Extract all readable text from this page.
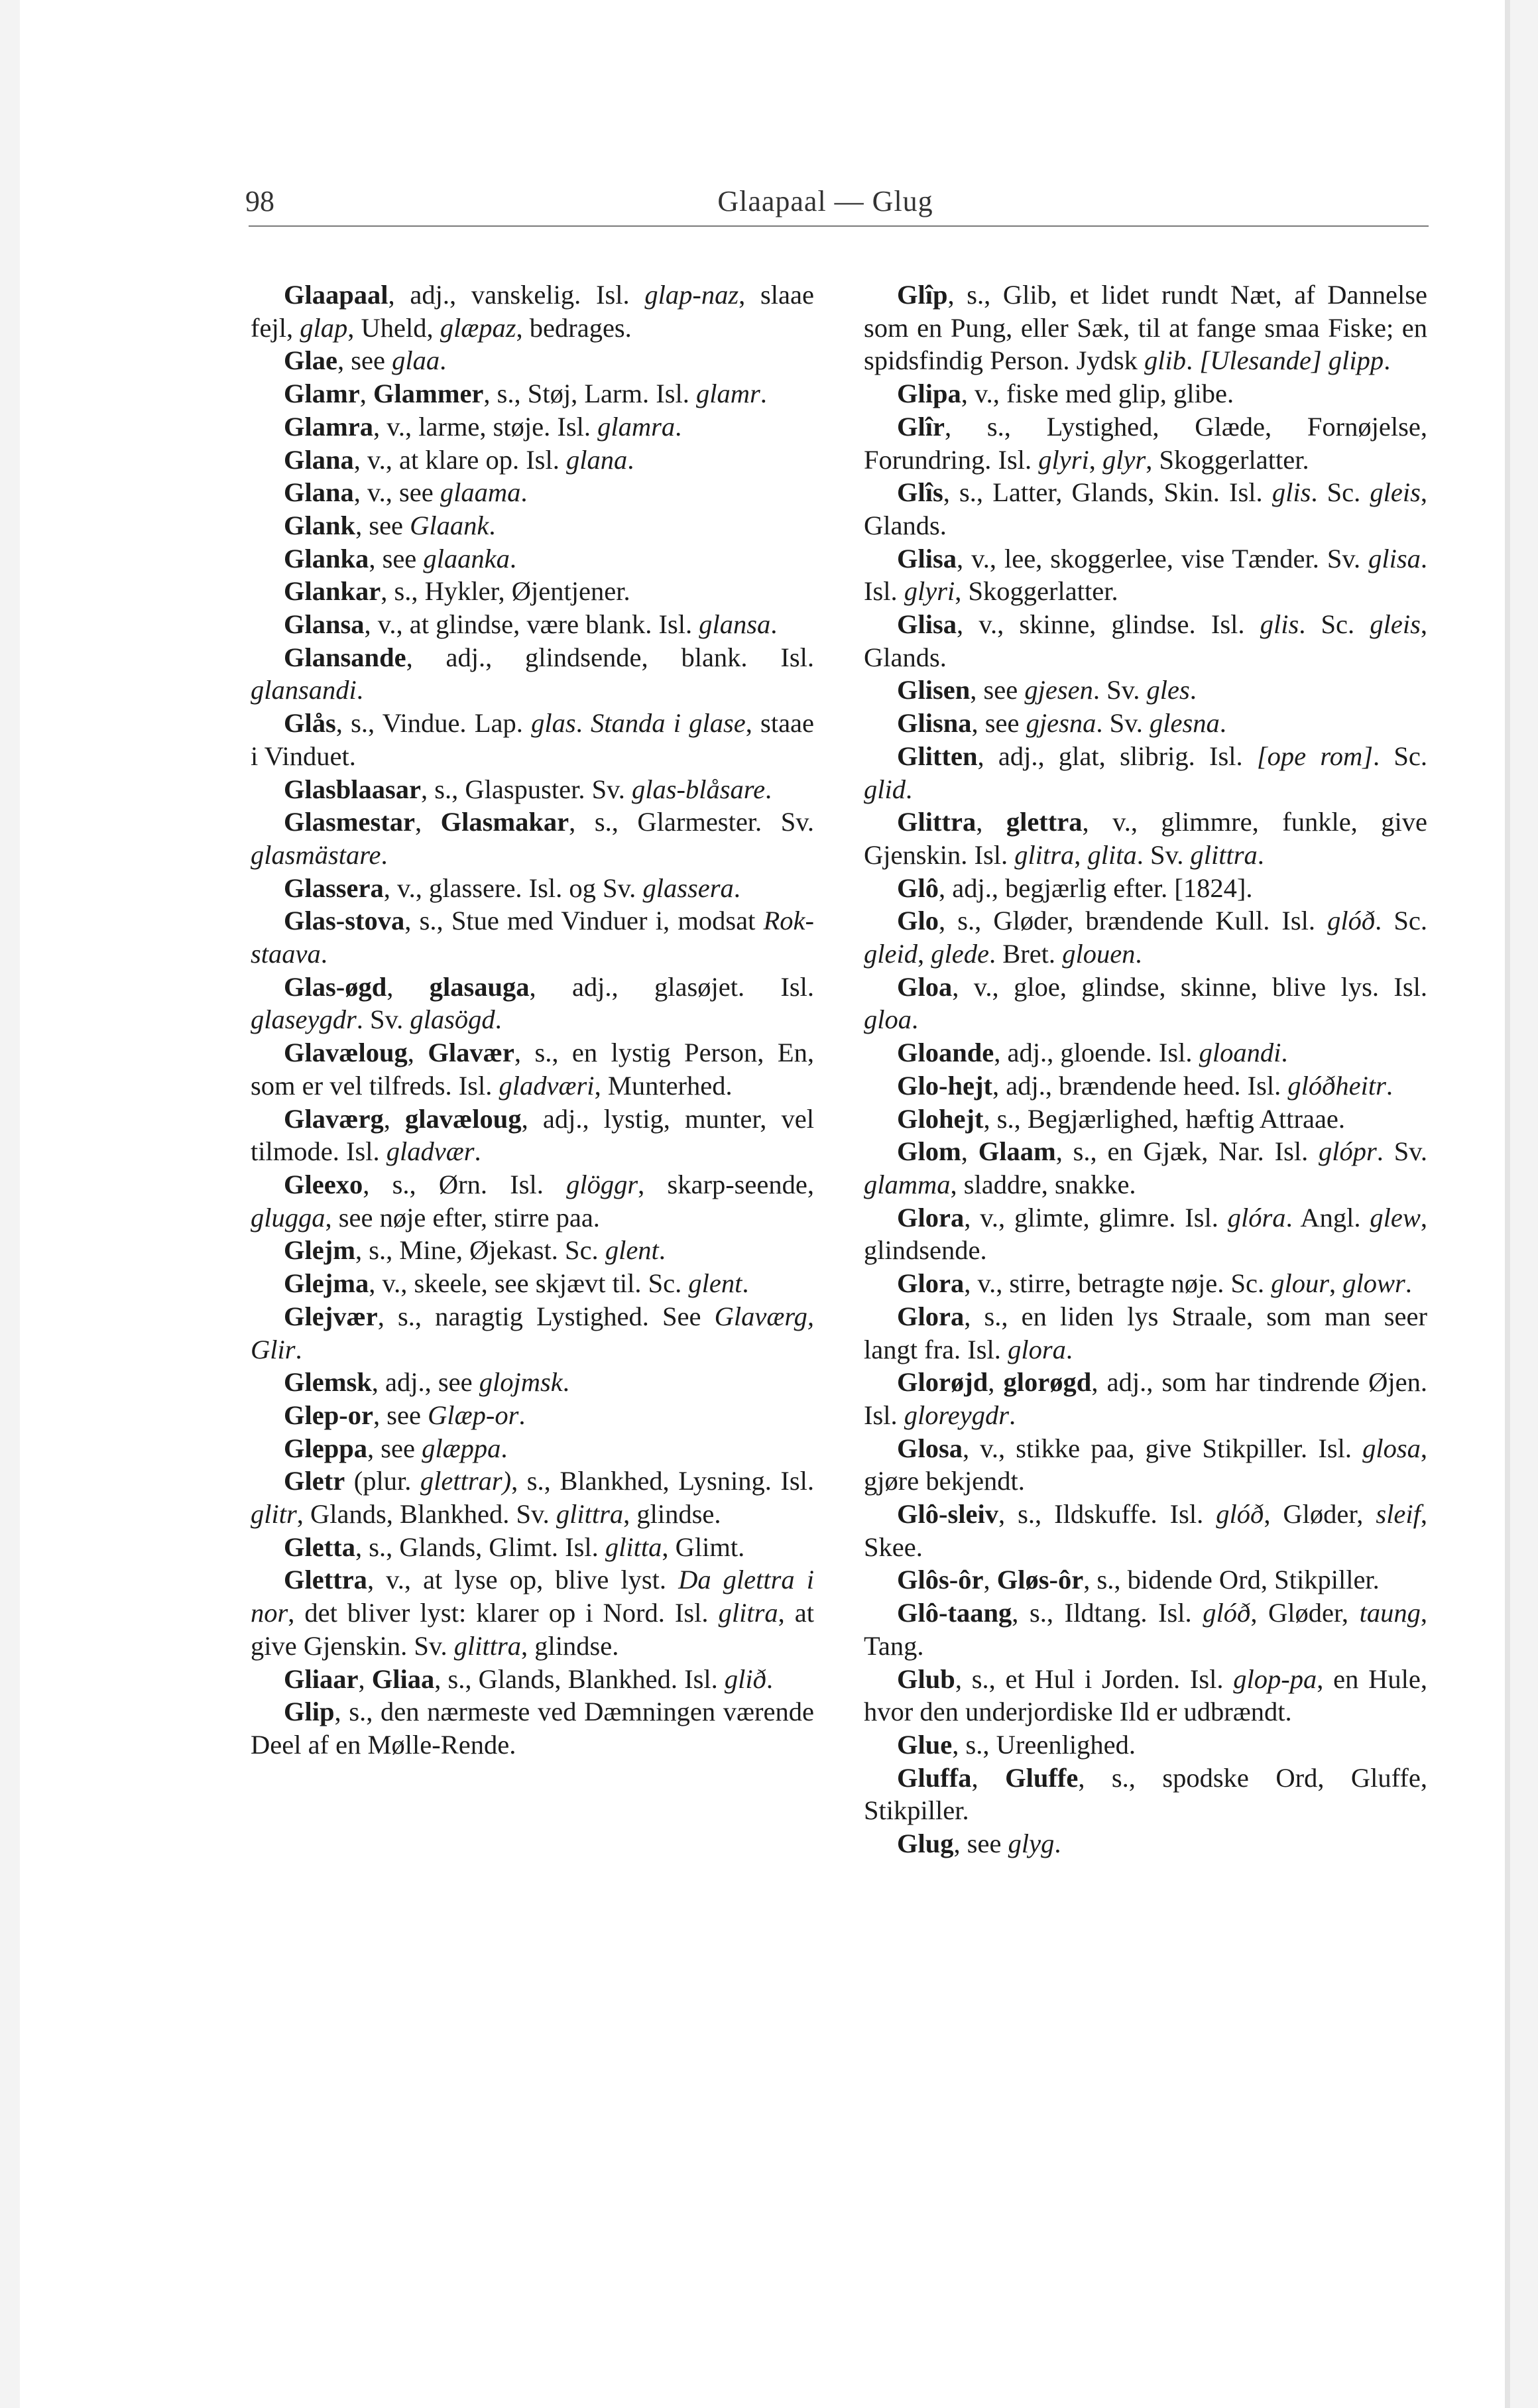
98	Glaapaal — Glug

Glaapaal, adj., vanskelig. Isl. glap-naz, slaae fejl, glap, Uheld, glæpaz, bedrages.

Glae, see glaa.

Glamr, Glammer, s., Støj, Larm. Isl. glamr.

Glamra, v., larme, støje. Isl. glamra.

Glana, v., at klare op. Isl. glana.

Glana, v., see glaama.

Glank, see Glaank.

Glanka, see glaanka.

Glankar, s., Hykler, Øjentjener.

Glansa, v., at glindse, være blank. Isl. glansa.

Glansande, adj., glindsende, blank. Isl. glansandi.

Glås, s., Vindue. Lap. glas. Standa i glase, staae i Vinduet.

Glasblaasar, s., Glaspuster. Sv. glas-blåsare.

Glasmestar, Glasmakar, s., Glarmester. Sv. glasmästare.

Glassera, v., glassere. Isl. og Sv. glassera.

Glas-stova, s., Stue med Vinduer i, modsat Rok-staava.

Glas-øgd, glasauga, adj., glasøjet. Isl. glaseygdr. Sv. glasögd.

Glavæloug, Glavær, s., en lystig Person, En, som er vel tilfreds. Isl. gladværi, Munterhed.

Glaværg, glavæloug, adj., lystig, munter, vel tilmode. Isl. gladvær.

Gleexo, s., Ørn. Isl. glöggr, skarp-seende, glugga, see nøje efter, stirre paa.

Glejm, s., Mine, Øjekast. Sc. glent.

Glejma, v., skeele, see skjævt til. Sc. glent.

Glejvær, s., naragtig Lystighed. See Glaværg, Glir.

Glemsk, adj., see glojmsk.

Glep-or, see Glæp-or.

Gleppa, see glæppa.

Gletr (plur. glettrar), s., Blankhed, Lysning. Isl. glitr, Glands, Blankhed. Sv. glittra, glindse.

Gletta, s., Glands, Glimt. Isl. glitta, Glimt.

Glettra, v., at lyse op, blive lyst. Da glettra i nor, det bliver lyst: klarer op i Nord. Isl. glitra, at give Gjenskin. Sv. glittra, glindse.

Gliaar, Gliaa, s., Glands, Blankhed. Isl. glið.

Glip, s., den nærmeste ved Dæmningen værende Deel af en Mølle-Rende.

Glîp, s., Glib, et lidet rundt Næt, af Dannelse som en Pung, eller Sæk, til at fange smaa Fiske; en spidsfindig Person. Jydsk glib. [Ulesande] glipp.

Glipa, v., fiske med glip, glibe.

Glîr, s., Lystighed, Glæde, Fornøjelse, Forundring. Isl. glyri, glyr, Skoggerlatter.

Glîs, s., Latter, Glands, Skin. Isl. glis. Sc. gleis, Glands.

Glisa, v., lee, skoggerlee, vise Tænder. Sv. glisa. Isl. glyri, Skoggerlatter.

Glisa, v., skinne, glindse. Isl. glis. Sc. gleis, Glands.

Glisen, see gjesen. Sv. gles.

Glisna, see gjesna. Sv. glesna.

Glitten, adj., glat, slibrig. Isl. [ope rom]. Sc. glid.

Glittra, glettra, v., glimmre, funkle, give Gjenskin. Isl. glitra, glita. Sv. glittra.

Glô, adj., begjærlig efter. [1824].

Glo, s., Gløder, brændende Kull. Isl. glóð. Sc. gleid, glede. Bret. glouen.

Gloa, v., gloe, glindse, skinne, blive lys. Isl. gloa.

Gloande, adj., gloende. Isl. gloandi.

Glo-hejt, adj., brændende heed. Isl. glóðheitr.

Glohejt, s., Begjærlighed, hæftig Attraae.

Glom, Glaam, s., en Gjæk, Nar. Isl. glópr. Sv. glamma, sladdre, snakke.

Glora, v., glimte, glimre. Isl. glóra. Angl. glew, glindsende.

Glora, v., stirre, betragte nøje. Sc. glour, glowr.

Glora, s., en liden lys Straale, som man seer langt fra. Isl. glora.

Glorøjd, glorøgd, adj., som har tindrende Øjen. Isl. gloreygdr.

Glosa, v., stikke paa, give Stikpiller. Isl. glosa, gjøre bekjendt.

Glô-sleiv, s., Ildskuffe. Isl. glóð, Gløder, sleif, Skee.

Glôs-ôr, Gløs-ôr, s., bidende Ord, Stikpiller.

Glô-taang, s., Ildtang. Isl. glóð, Gløder, taung, Tang.

Glub, s., et Hul i Jorden. Isl. glop-pa, en Hule, hvor den underjordiske Ild er udbrændt.

Glue, s., Ureenlighed.

Gluffa, Gluffe, s., spodske Ord, Gluffe, Stikpiller.

Glug, see glyg.
